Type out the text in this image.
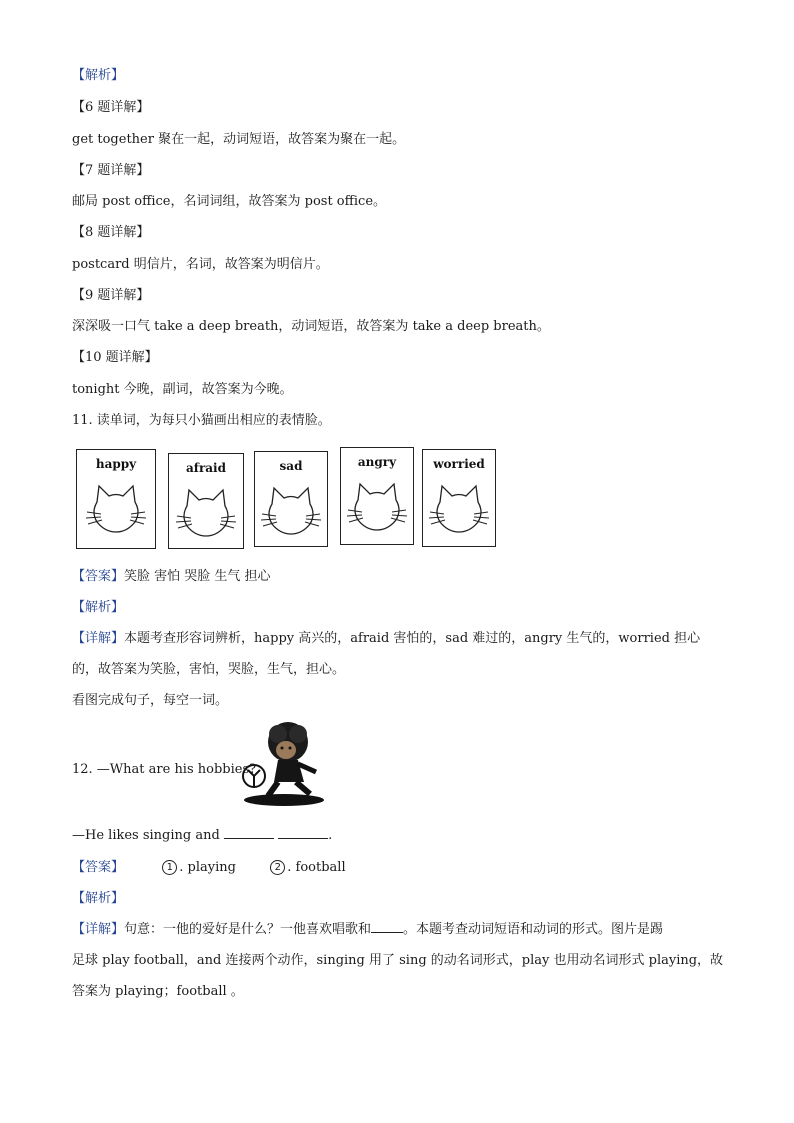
【解析】
【6 题详解】
get together 聚在一起，动词短语，故答案为聚在一起。
【7 题详解】
邮局 post office，名词词组，故答案为 post office。
【8 题详解】
postcard 明信片，名词，故答案为明信片。
【9 题详解】
深深吸一口气 take a deep breath，动词短语，故答案为 take a deep breath。
【10 题详解】
tonight 今晚，副词，故答案为今晚。
11. 读单词，为每只小猫画出相应的表情脸。
happy	afraid	sad	angry	worried
【答案】笑脸 害怕 哭脸 生气 担心
【解析】
【详解】本题考查形容词辨析，happy 高兴的，afraid 害怕的，sad 难过的，angry 生气的，worried 担心
的，故答案为笑脸，害怕，哭脸，生气，担心。
看图完成句子，每空一词。
12. —What are his hobbies?
—He likes singing and	.
【答案】	1 . playing	2 . football
【解析】
【详解】句意：一他的爱好是什么？一他喜欢唱歌和 。本题考查动词短语和动词的形式。图片是踢
足球 play football，and 连接两个动作，singing 用了 sing 的动名词形式，play 也用动名词形式 playing，故
答案为 playing；football 。
